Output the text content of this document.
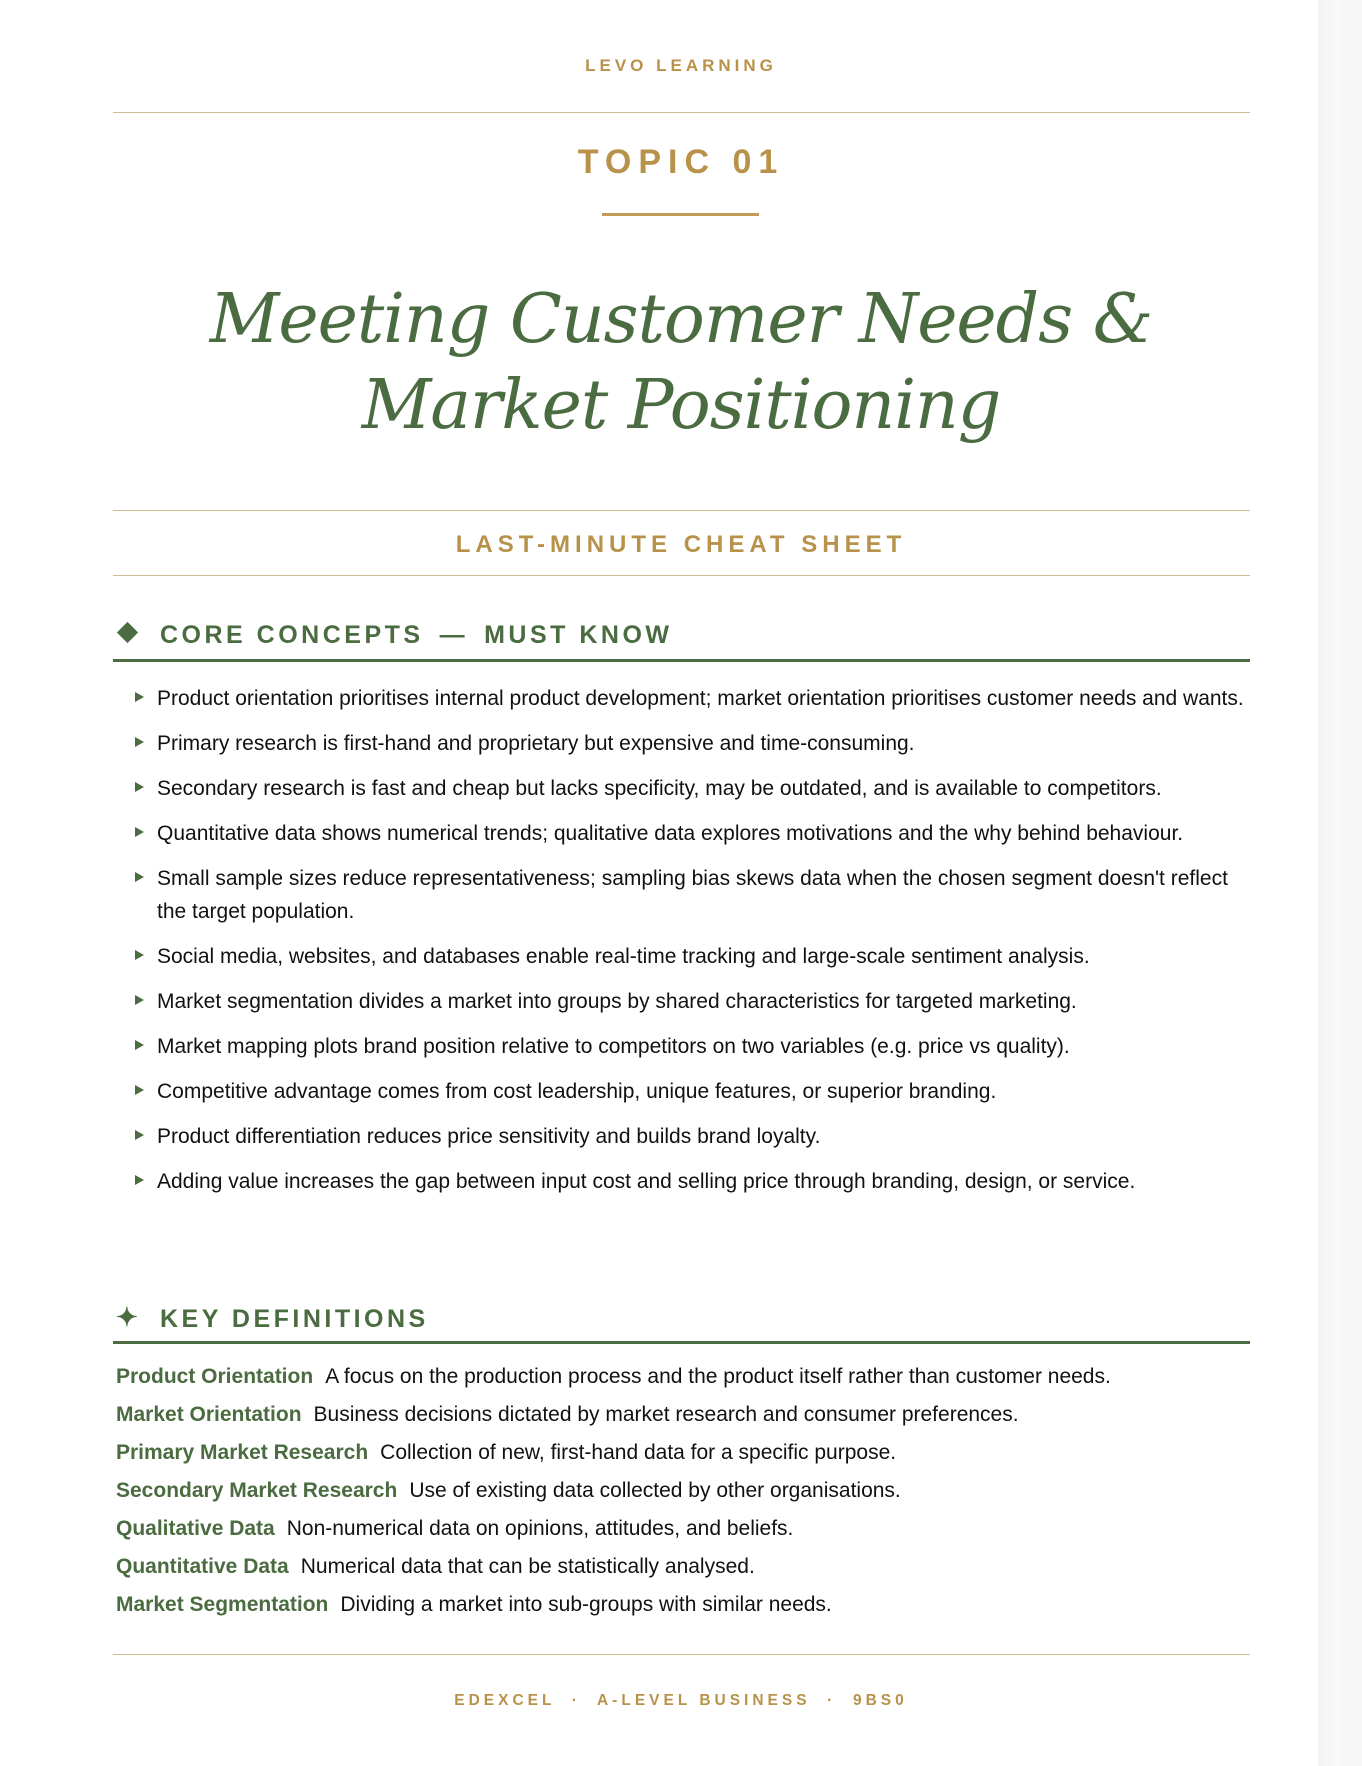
LEVO LEARNING
TOPIC 01
Meeting Customer Needs & Market Positioning
LAST-MINUTE CHEAT SHEET
CORE CONCEPTS — MUST KNOW
Product orientation prioritises internal product development; market orientation prioritises customer needs and wants.
Primary research is first-hand and proprietary but expensive and time-consuming.
Secondary research is fast and cheap but lacks specificity, may be outdated, and is available to competitors.
Quantitative data shows numerical trends; qualitative data explores motivations and the why behind behaviour.
Small sample sizes reduce representativeness; sampling bias skews data when the chosen segment doesn't reflect the target population.
Social media, websites, and databases enable real-time tracking and large-scale sentiment analysis.
Market segmentation divides a market into groups by shared characteristics for targeted marketing.
Market mapping plots brand position relative to competitors on two variables (e.g. price vs quality).
Competitive advantage comes from cost leadership, unique features, or superior branding.
Product differentiation reduces price sensitivity and builds brand loyalty.
Adding value increases the gap between input cost and selling price through branding, design, or service.
✦ KEY DEFINITIONS
Product Orientation A focus on the production process and the product itself rather than customer needs.
Market Orientation Business decisions dictated by market research and consumer preferences.
Primary Market Research Collection of new, first-hand data for a specific purpose.
Secondary Market Research Use of existing data collected by other organisations.
Qualitative Data Non-numerical data on opinions, attitudes, and beliefs.
Quantitative Data Numerical data that can be statistically analysed.
Market Segmentation Dividing a market into sub-groups with similar needs.
EDEXCEL  ·  A-LEVEL BUSINESS  ·  9BS0
